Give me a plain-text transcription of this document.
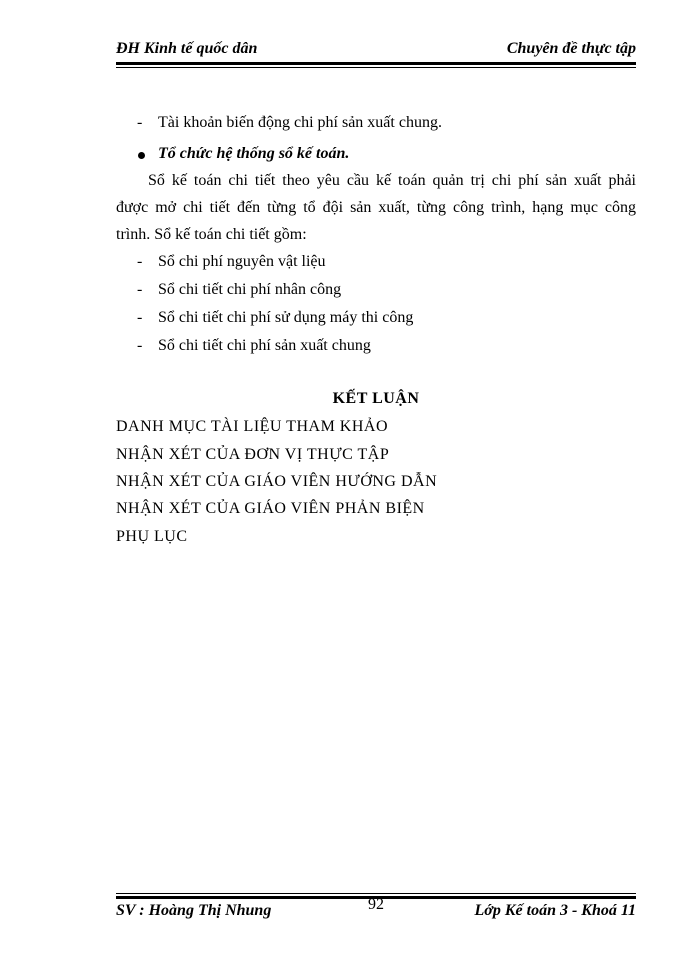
ĐH Kinh tế quốc dân	Chuyên đề thực tập
- Tài khoản biến động chi phí sản xuất chung.
Tổ chức hệ thống sổ kế toán.
Sổ kế toán chi tiết theo yêu cầu kế toán quản trị chi phí sản xuất phải
được mở chi tiết đến từng tổ đội sản xuất, từng công trình, hạng mục công
trình. Sổ kế toán chi tiết gồm:
- Sổ chi phí nguyên vật liệu
- Sổ chi tiết chi phí nhân công
- Sổ chi tiết chi phí sử dụng máy thi công
- Sổ chi tiết chi phí sản xuất chung
KẾT LUẬN
DANH MỤC TÀI LIỆU THAM KHẢO
NHẬN XÉT CỦA ĐƠN VỊ THỰC TẬP
NHẬN XÉT CỦA GIÁO VIÊN HƯỚNG DẪN
NHẬN XÉT CỦA GIÁO VIÊN PHẢN BIỆN
PHỤ LỤC
SV : Hoàng Thị Nhung	92	Lớp Kế toán 3 - Khoá 11
